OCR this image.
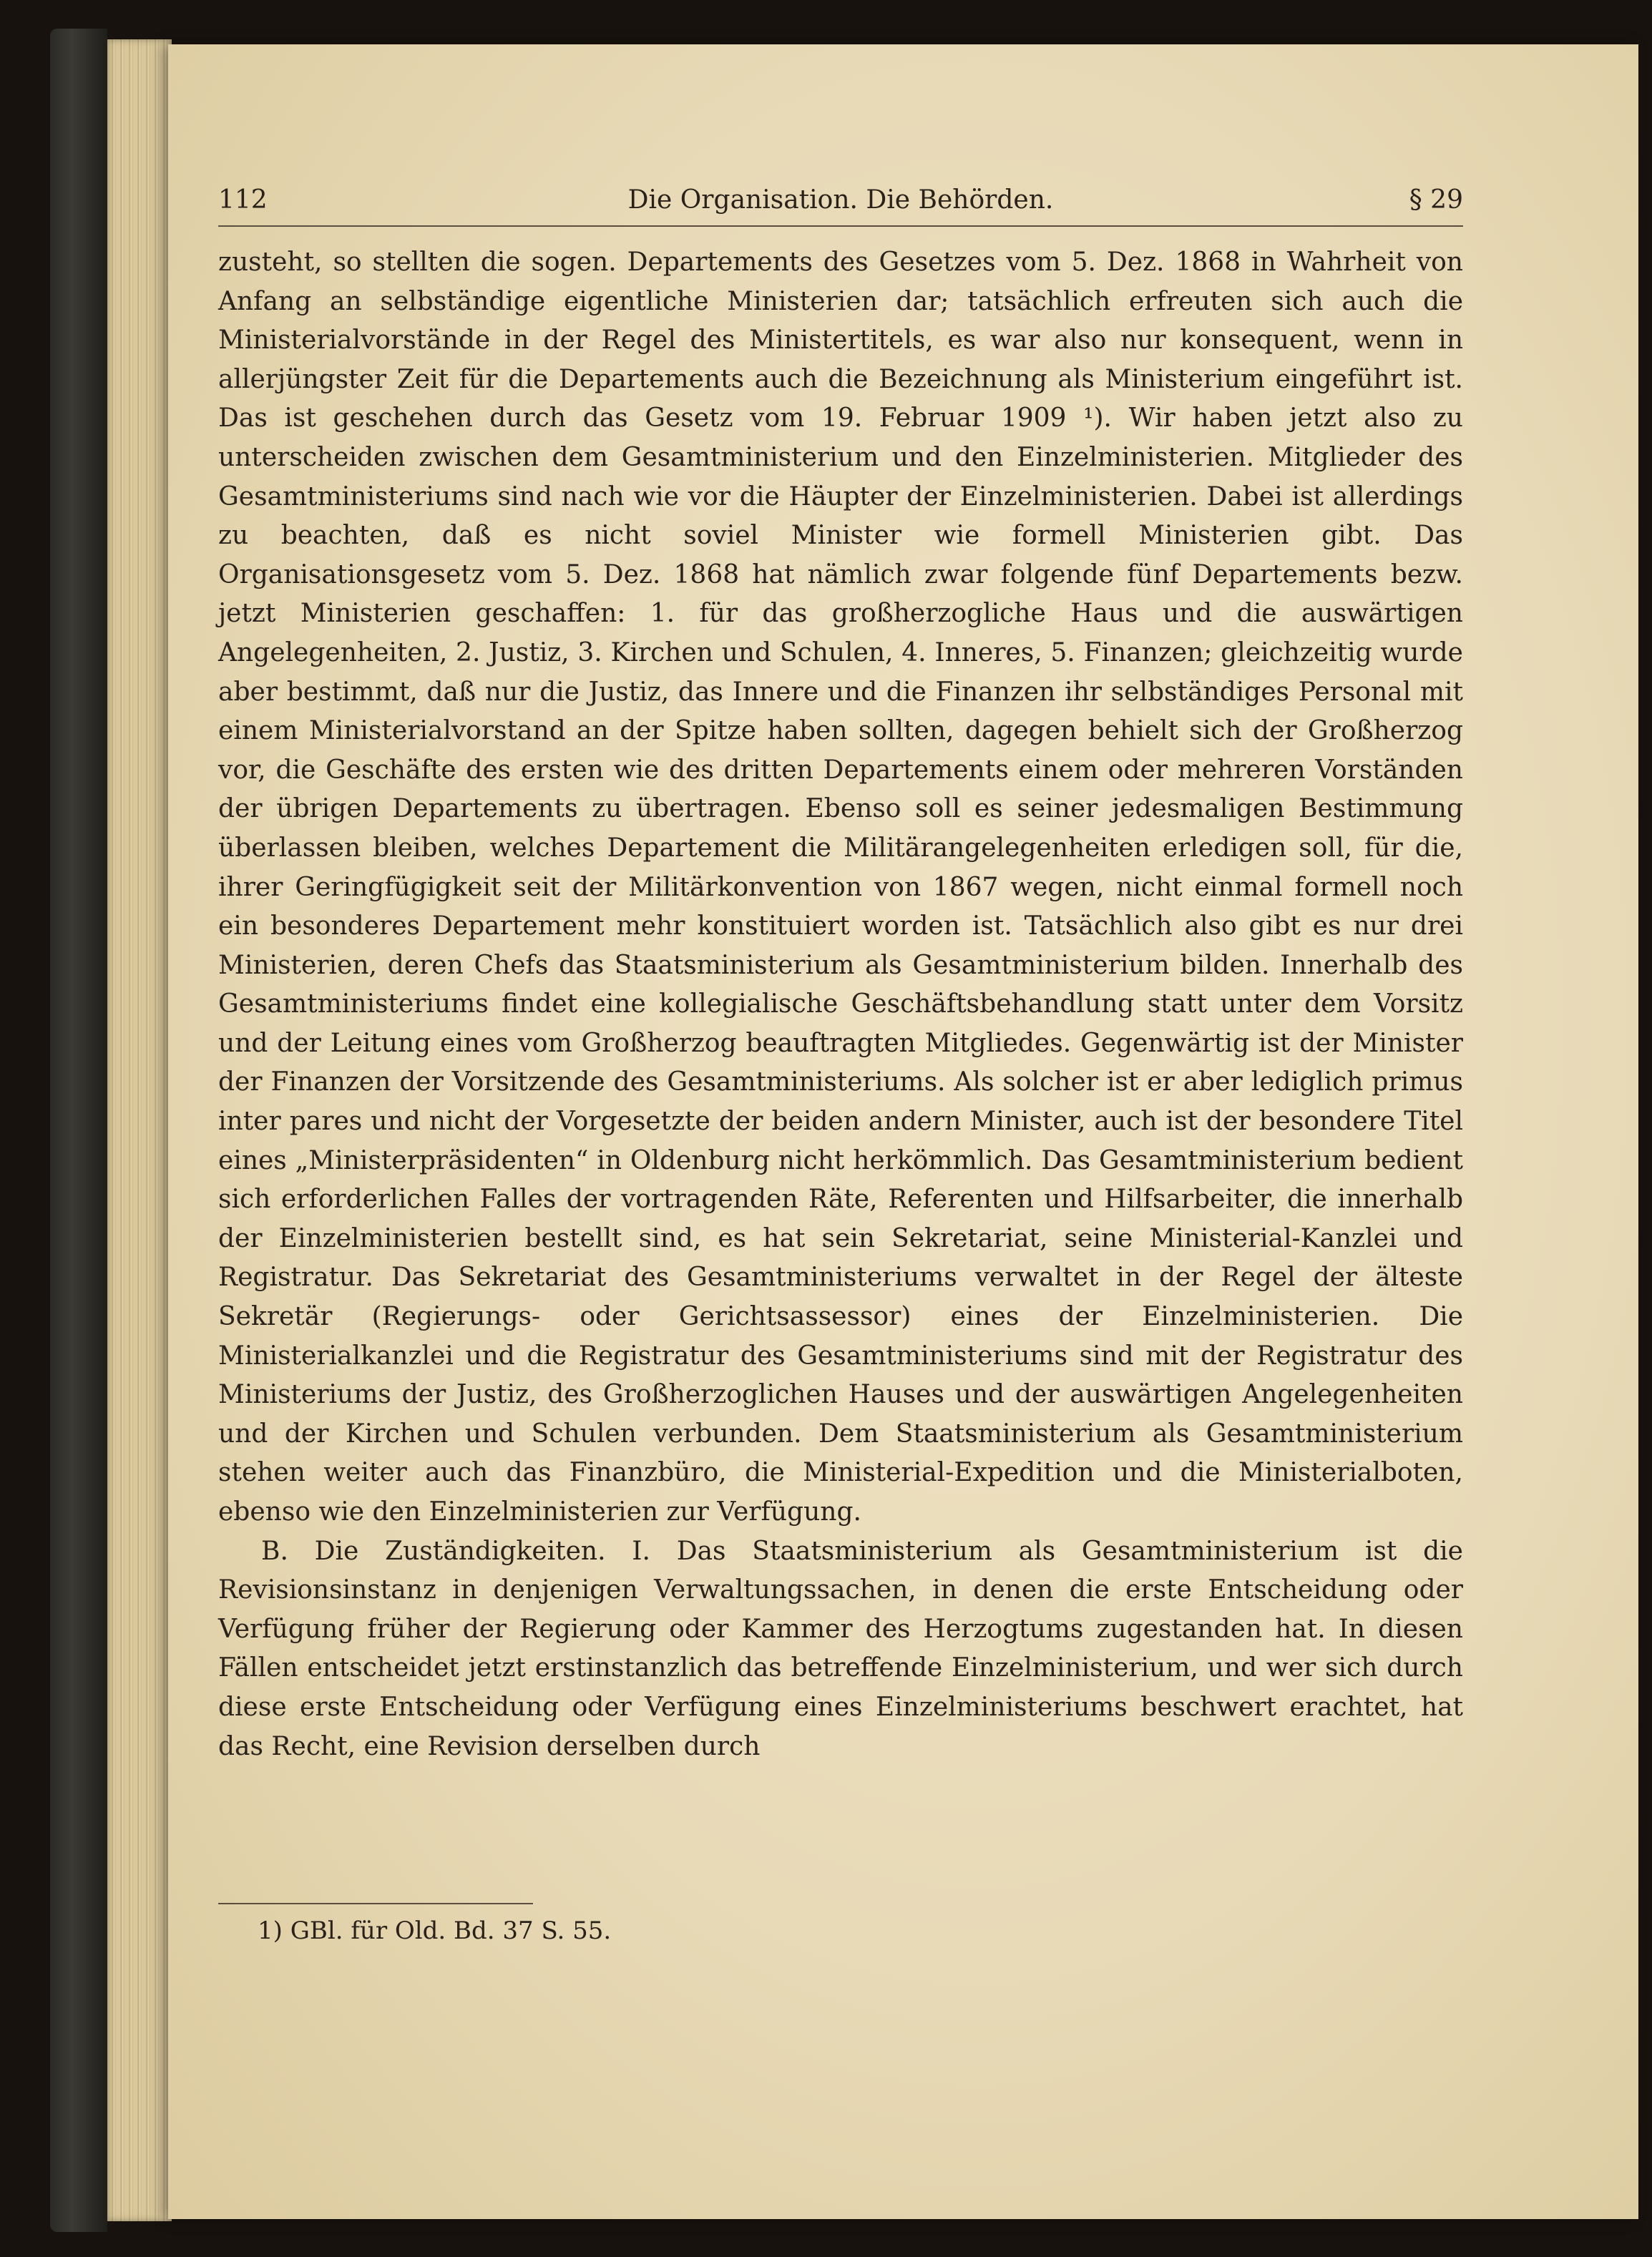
112	Die Organisation. Die Behörden.	§ 29

zusteht, so stellten die sogen. Departements des Gesetzes vom 5. Dez. 1868 in Wahrheit von Anfang an selbständige eigentliche Ministerien dar; tatsächlich erfreuten sich auch die Ministerialvorstände in der Regel des Ministertitels, es war also nur konsequent, wenn in allerjüngster Zeit für die Departements auch die Bezeichnung als Ministerium eingeführt ist. Das ist geschehen durch das Gesetz vom 19. Februar 1909 ¹). Wir haben jetzt also zu unterscheiden zwischen dem Gesamtministerium und den Einzelministerien. Mitglieder des Gesamtministeriums sind nach wie vor die Häupter der Einzelministerien. Dabei ist allerdings zu beachten, daß es nicht soviel Minister wie formell Ministerien gibt. Das Organisationsgesetz vom 5. Dez. 1868 hat nämlich zwar folgende fünf Departements bezw. jetzt Ministerien geschaffen: 1. für das großherzogliche Haus und die auswärtigen Angelegenheiten, 2. Justiz, 3. Kirchen und Schulen, 4. Inneres, 5. Finanzen; gleichzeitig wurde aber bestimmt, daß nur die Justiz, das Innere und die Finanzen ihr selbständiges Personal mit einem Ministerialvorstand an der Spitze haben sollten, dagegen behielt sich der Großherzog vor, die Geschäfte des ersten wie des dritten Departements einem oder mehreren Vorständen der übrigen Departements zu übertragen. Ebenso soll es seiner jedesmaligen Bestimmung überlassen bleiben, welches Departement die Militärangelegenheiten erledigen soll, für die, ihrer Geringfügigkeit seit der Militärkonvention von 1867 wegen, nicht einmal formell noch ein besonderes Departement mehr konstituiert worden ist. Tatsächlich also gibt es nur drei Ministerien, deren Chefs das Staatsministerium als Gesamtministerium bilden. Innerhalb des Gesamtministeriums findet eine kollegialische Geschäftsbehandlung statt unter dem Vorsitz und der Leitung eines vom Großherzog beauftragten Mitgliedes. Gegenwärtig ist der Minister der Finanzen der Vorsitzende des Gesamtministeriums. Als solcher ist er aber lediglich primus inter pares und nicht der Vorgesetzte der beiden andern Minister, auch ist der besondere Titel eines „Ministerpräsidenten“ in Oldenburg nicht herkömmlich. Das Gesamtministerium bedient sich erforderlichen Falles der vortragenden Räte, Referenten und Hilfsarbeiter, die innerhalb der Einzelministerien bestellt sind, es hat sein Sekretariat, seine Ministerial-Kanzlei und Registratur. Das Sekretariat des Gesamtministeriums verwaltet in der Regel der älteste Sekretär (Regierungs- oder Gerichtsassessor) eines der Einzelministerien. Die Ministerialkanzlei und die Registratur des Gesamtministeriums sind mit der Registratur des Ministeriums der Justiz, des Großherzoglichen Hauses und der auswärtigen Angelegenheiten und der Kirchen und Schulen verbunden. Dem Staatsministerium als Gesamtministerium stehen weiter auch das Finanzbüro, die Ministerial-Expedition und die Ministerialboten, ebenso wie den Einzelministerien zur Verfügung.

B. Die Zuständigkeiten. I. Das Staatsministerium als Gesamtministerium ist die Revisionsinstanz in denjenigen Verwaltungssachen, in denen die erste Entscheidung oder Verfügung früher der Regierung oder Kammer des Herzogtums zugestanden hat. In diesen Fällen entscheidet jetzt erstinstanzlich das betreffende Einzelministerium, und wer sich durch diese erste Entscheidung oder Verfügung eines Einzelministeriums beschwert erachtet, hat das Recht, eine Revision derselben durch

1) GBl. für Old. Bd. 37 S. 55.
